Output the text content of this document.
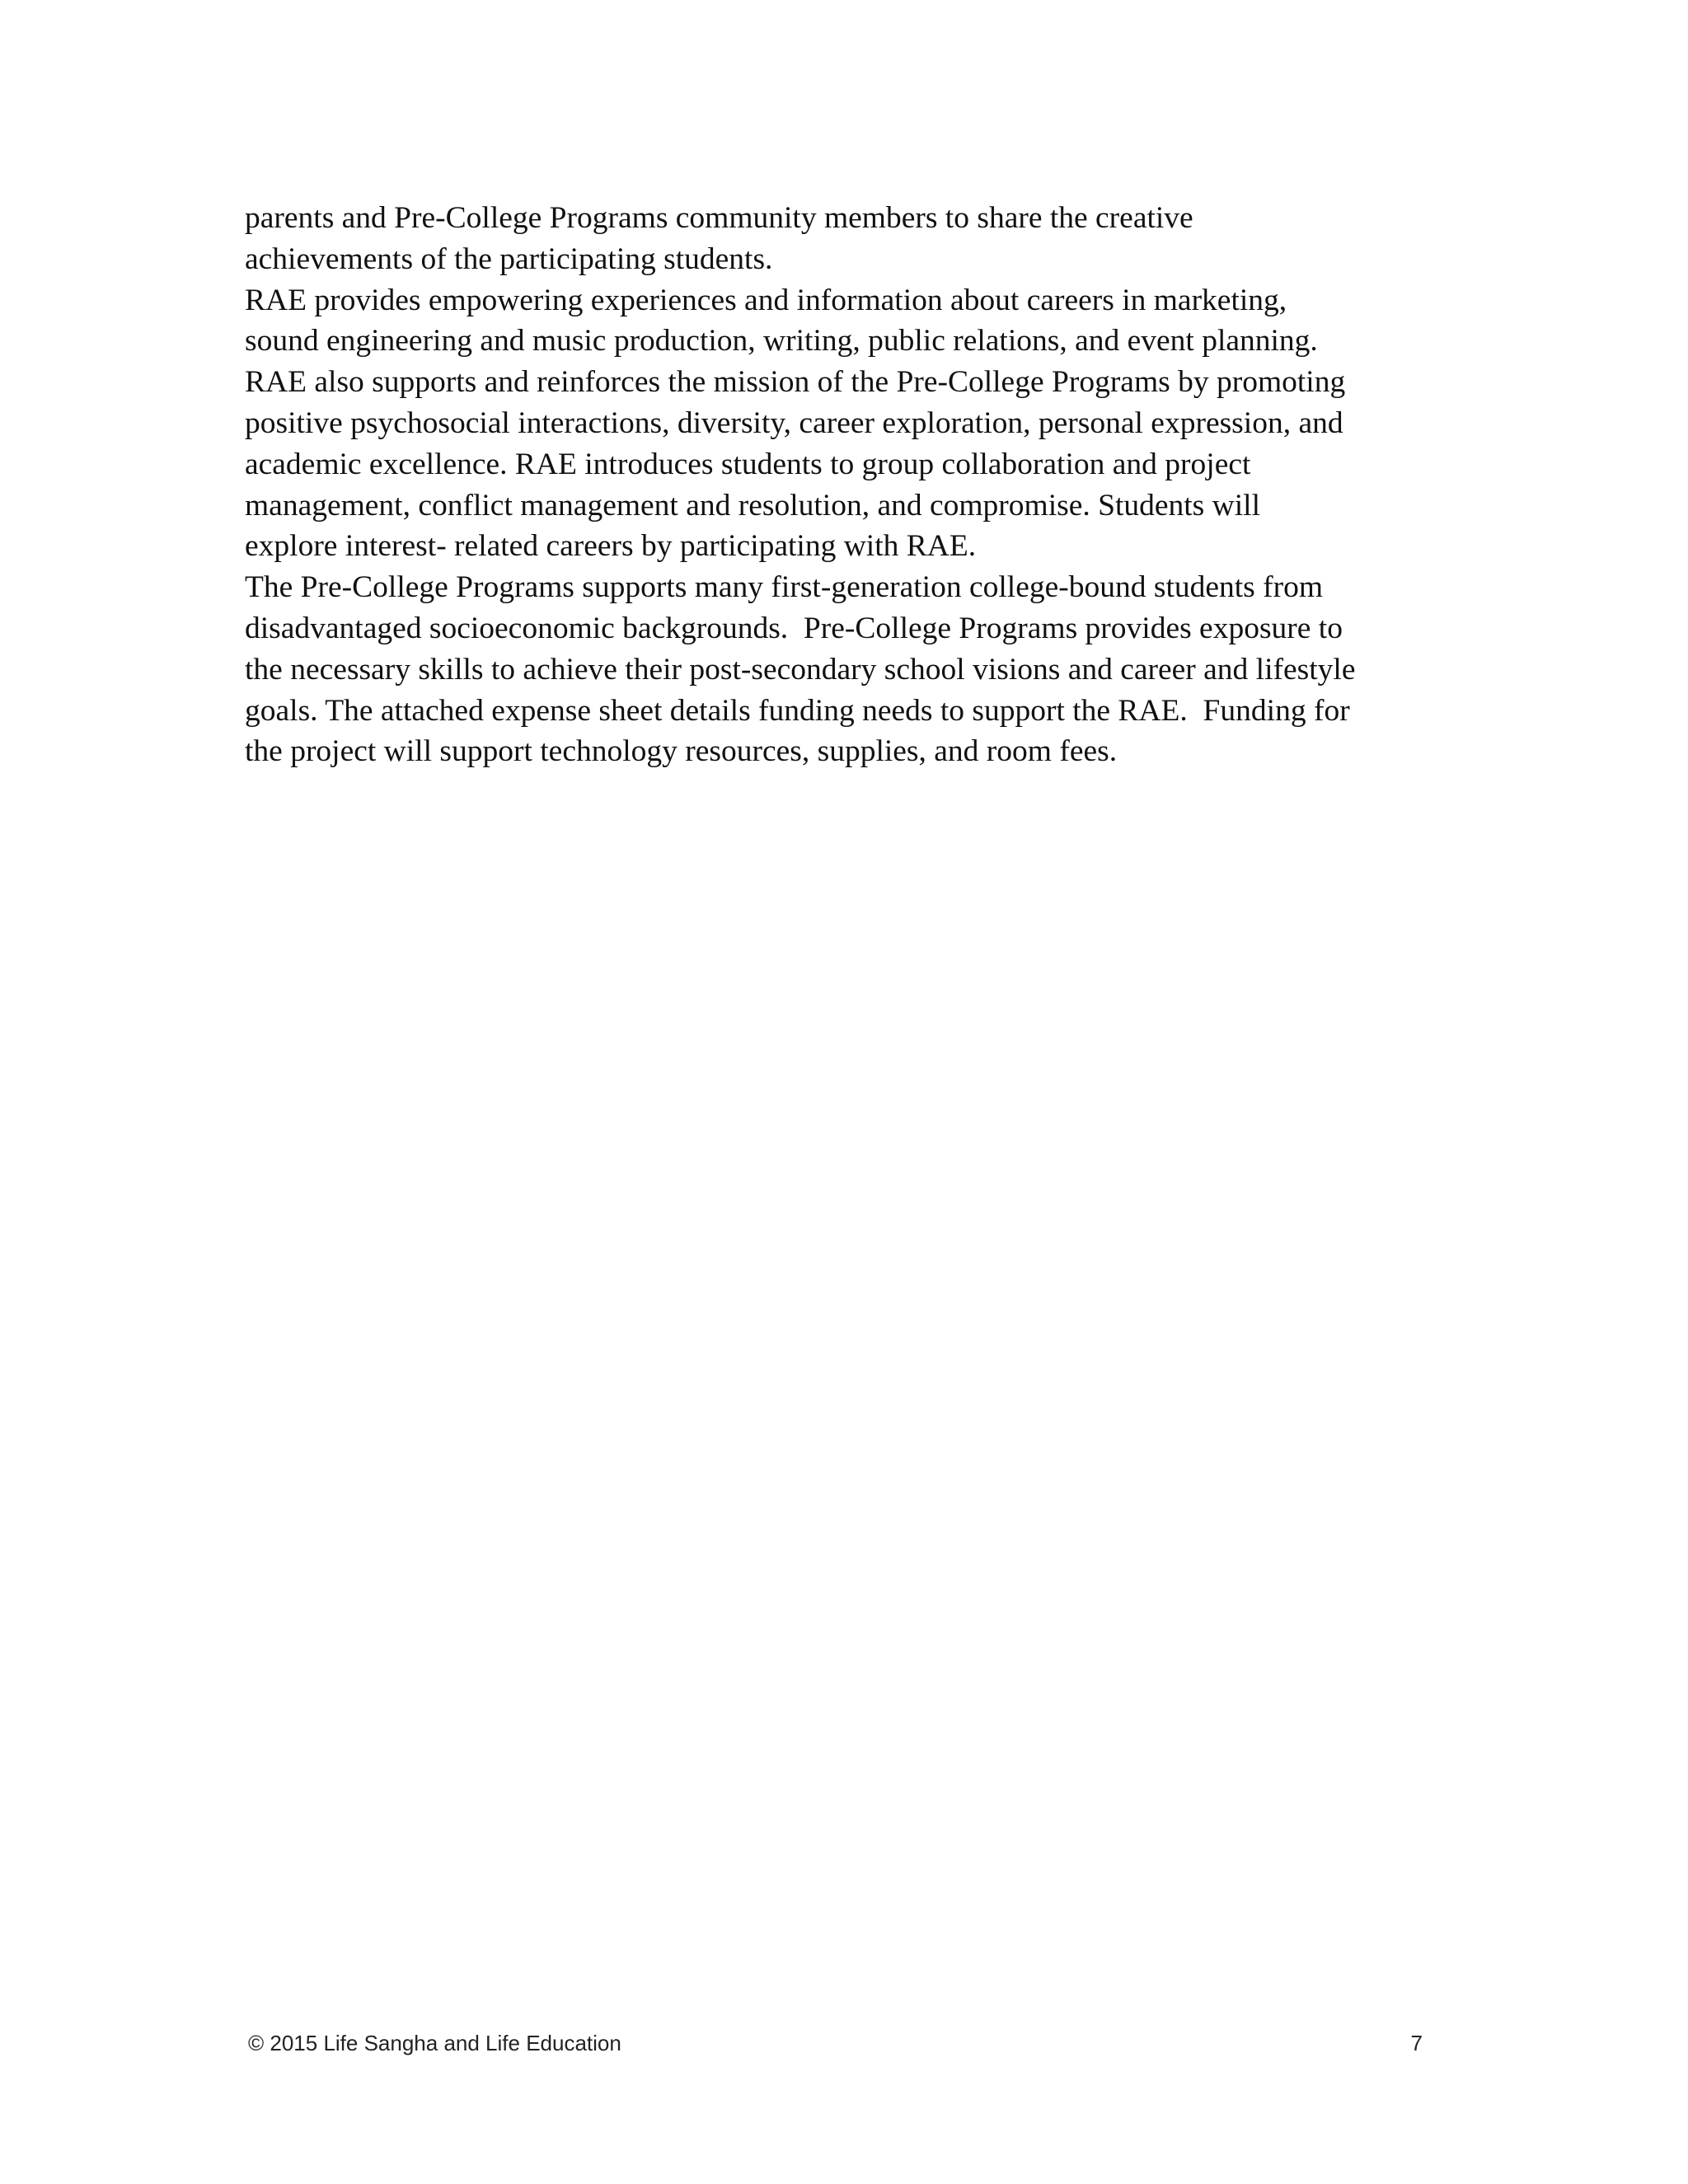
parents and Pre-College Programs community members to share the creative

achievements of the participating students.

RAE provides empowering experiences and information about careers in marketing,

sound engineering and music production, writing, public relations, and event planning.

RAE also supports and reinforces the mission of the Pre-College Programs by promoting

positive psychosocial interactions, diversity, career exploration, personal expression, and

academic excellence. RAE introduces students to group collaboration and project

management, conflict management and resolution, and compromise. Students will

explore interest- related careers by participating with RAE.

The Pre-College Programs supports many first-generation college-bound students from

disadvantaged socioeconomic backgrounds.  Pre-College Programs provides exposure to

the necessary skills to achieve their post-secondary school visions and career and lifestyle

goals. The attached expense sheet details funding needs to support the RAE.  Funding for

the project will support technology resources, supplies, and room fees.

© 2015 Life Sangha and Life Education	7
